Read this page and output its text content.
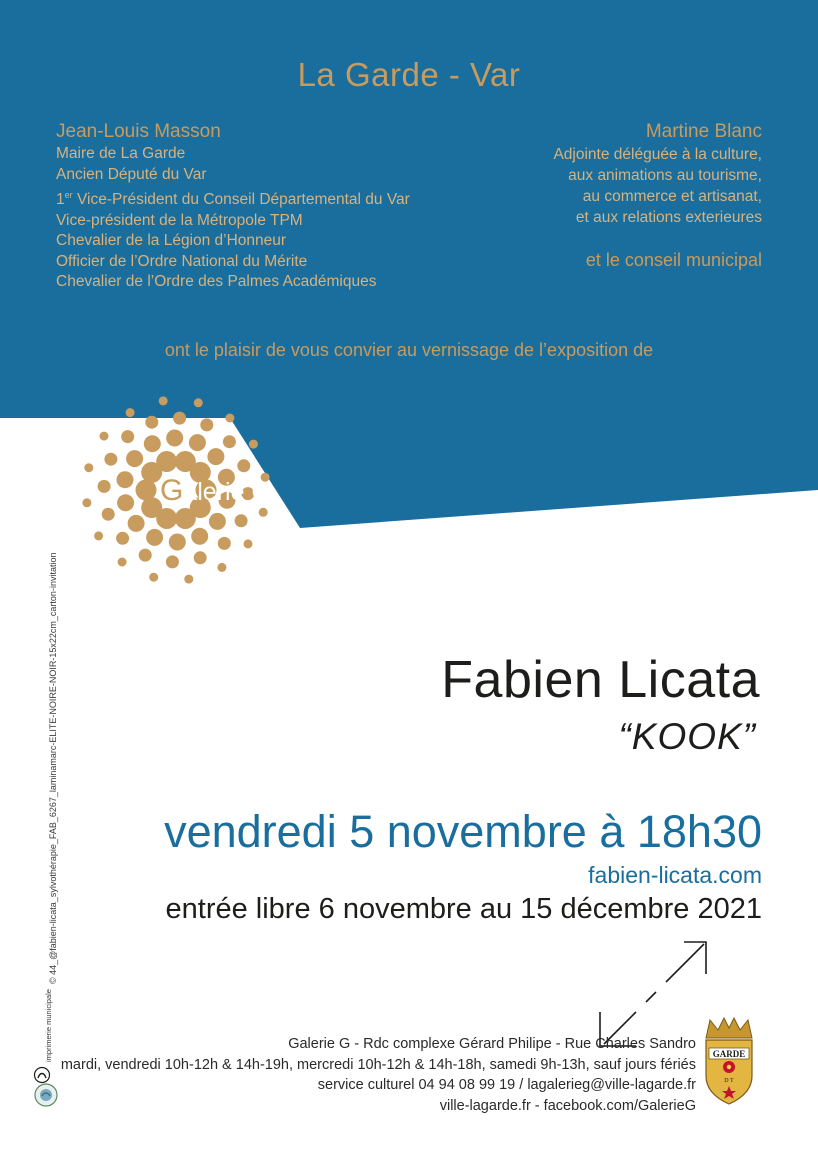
La Garde - Var
Jean-Louis Masson
Maire de La Garde
Ancien Député du Var
1er Vice-Président du Conseil Départemental du Var
Vice-président de la Métropole TPM
Chevalier de la Légion d’Honneur
Officier de l’Ordre National du Mérite
Chevalier de l’Ordre des Palmes Académiques
Martine Blanc
Adjointe déléguée à la culture,
aux animations au tourisme,
au commerce et artisanat,
et aux relations exterieures
et le conseil municipal
ont le plaisir de vous convier au vernissage de l’exposition de
Galerie G
Fabien Licata
“KOOK”
vendredi 5 novembre à 18h30
fabien-licata.com
entrée libre 6 novembre au 15 décembre 2021
Galerie G - Rdc complexe Gérard Philipe - Rue Charles Sandro
mardi, vendredi 10h-12h & 14h-19h, mercredi 10h-12h & 14h-18h, samedi 9h-13h, sauf jours fériés
service culturel 04 94 08 99 19 / lagalerieg@ville-lagarde.fr
ville-lagarde.fr - facebook.com/GalerieG
GARDE
D T
© 44_@fabien-licata_sylvothérapie_FAB_6267_laminamarc-ELITE-NOIRE-NOIR-15x22cm_carton-invitation
imprimerie municipale
